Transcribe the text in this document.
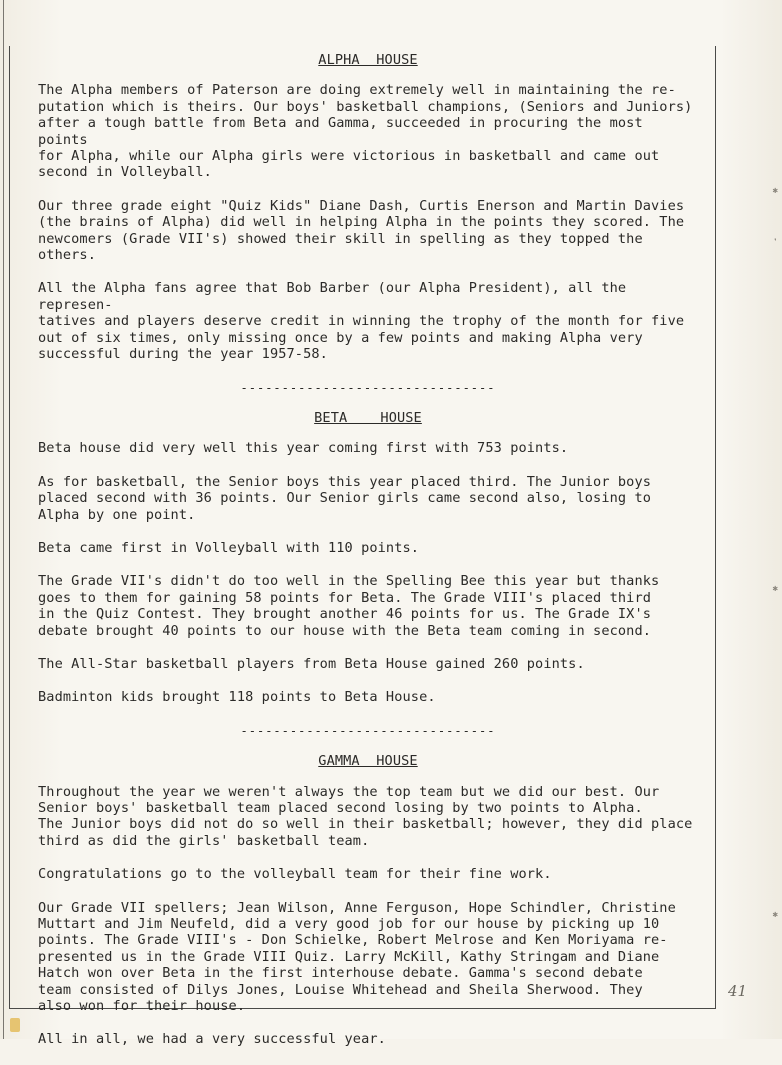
ALPHA  HOUSE

The Alpha members of Paterson are doing extremely well in maintaining the re-
putation which is theirs. Our boys' basketball champions, (Seniors and Juniors)
after a tough battle from Beta and Gamma, succeeded in procuring the most points
for Alpha, while our Alpha girls were victorious in basketball and came out
second in Volleyball.

Our three grade eight "Quiz Kids" Diane Dash, Curtis Enerson and Martin Davies
(the brains of Alpha) did well in helping Alpha in the points they scored. The
newcomers (Grade VII's) showed their skill in spelling as they topped the others.

All the Alpha fans agree that Bob Barber (our Alpha President), all the represen-
tatives and players deserve credit in winning the trophy of the month for five
out of six times, only missing once by a few points and making Alpha very
successful during the year 1957-58.

-------------------------------
BETA    HOUSE

Beta house did very well this year coming first with 753 points.

As for basketball, the Senior boys this year placed third. The Junior boys
placed second with 36 points. Our Senior girls came second also, losing to
Alpha by one point.

Beta came first in Volleyball with 110 points.

The Grade VII's didn't do too well in the Spelling Bee this year but thanks
goes to them for gaining 58 points for Beta. The Grade VIII's placed third
in the Quiz Contest. They brought another 46 points for us. The Grade IX's
debate brought 40 points to our house with the Beta team coming in second.

The All-Star basketball players from Beta House gained 260 points.

Badminton kids brought 118 points to Beta House.

-------------------------------
GAMMA  HOUSE

Throughout the year we weren't always the top team but we did our best. Our
Senior boys' basketball team placed second losing by two points to Alpha.
The Junior boys did not do so well in their basketball; however, they did place
third as did the girls' basketball team.

Congratulations go to the volleyball team for their fine work.

Our Grade VII spellers; Jean Wilson, Anne Ferguson, Hope Schindler, Christine
Muttart and Jim Neufeld, did a very good job for our house by picking up 10
points. The Grade VIII's - Don Schielke, Robert Melrose and Ken Moriyama re-
presented us in the Grade VIII Quiz. Larry McKill, Kathy Stringam and Diane
Hatch won over Beta in the first interhouse debate. Gamma's second debate
team consisted of Dilys Jones, Louise Whitehead and Sheila Sherwood. They
also won for their house.

All in all, we had a very successful year.

✱
❜
✱
✱
41
